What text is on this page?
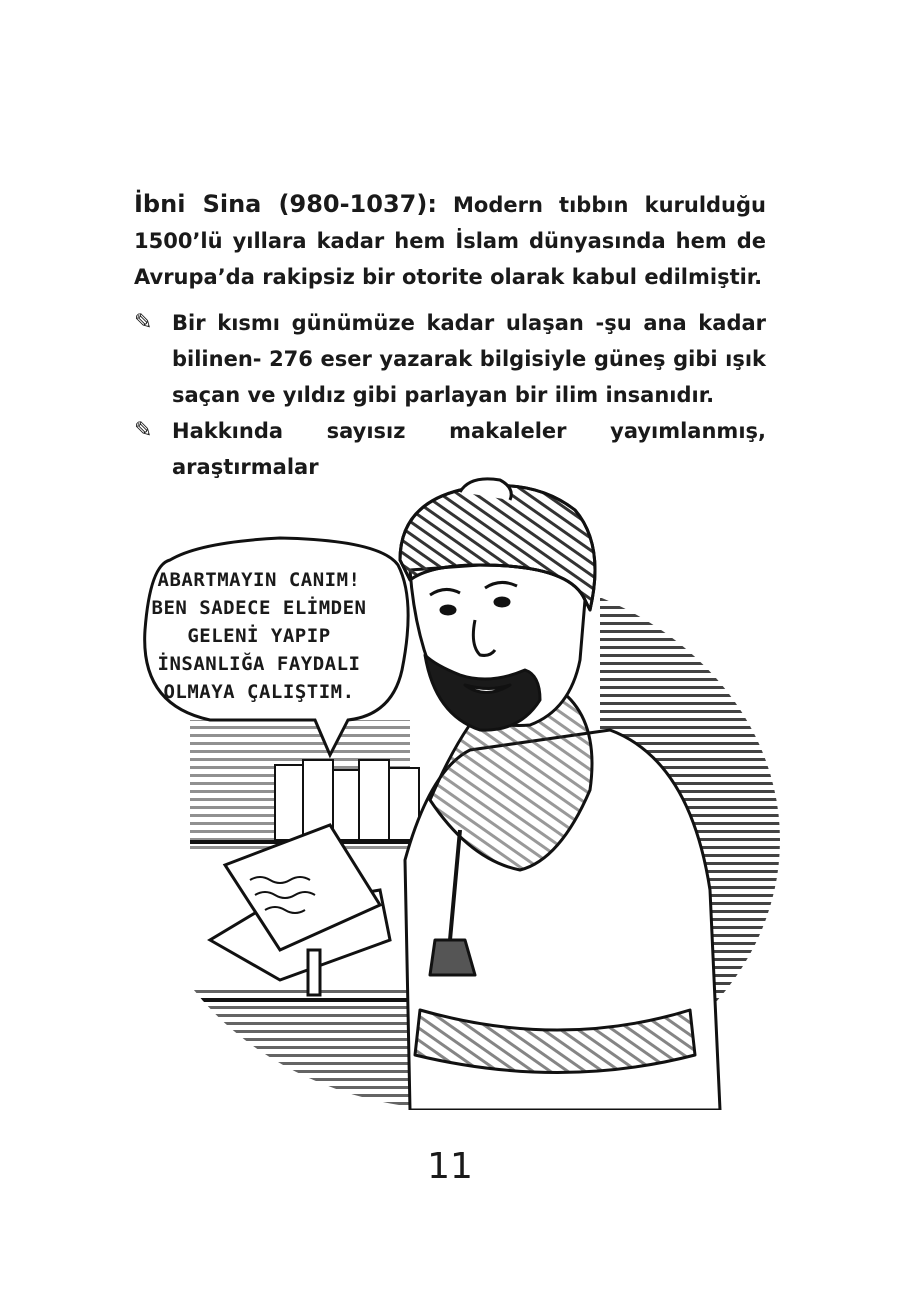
İbni Sina (980-1037): Modern tıbbın kurulduğu 1500’lü yıllara kadar hem İslam dünyasında hem de Avrupa’da rakipsiz bir otorite olarak kabul edilmiştir.

✎ Bir kısmı günümüze kadar ulaşan -şu ana kadar bilinen- 276 eser yazarak bilgisiyle güneş gibi ışık saçan ve yıldız gibi parlayan bir ilim insanıdır.
✎ Hakkında sayısız makaleler yayımlanmış, araştırmalar
ABARTMAYIN CANIM!
BEN SADECE ELİMDEN
GELENİ YAPIP
İNSANLIĞA FAYDALI
OLMAYA ÇALIŞTIM.
11
